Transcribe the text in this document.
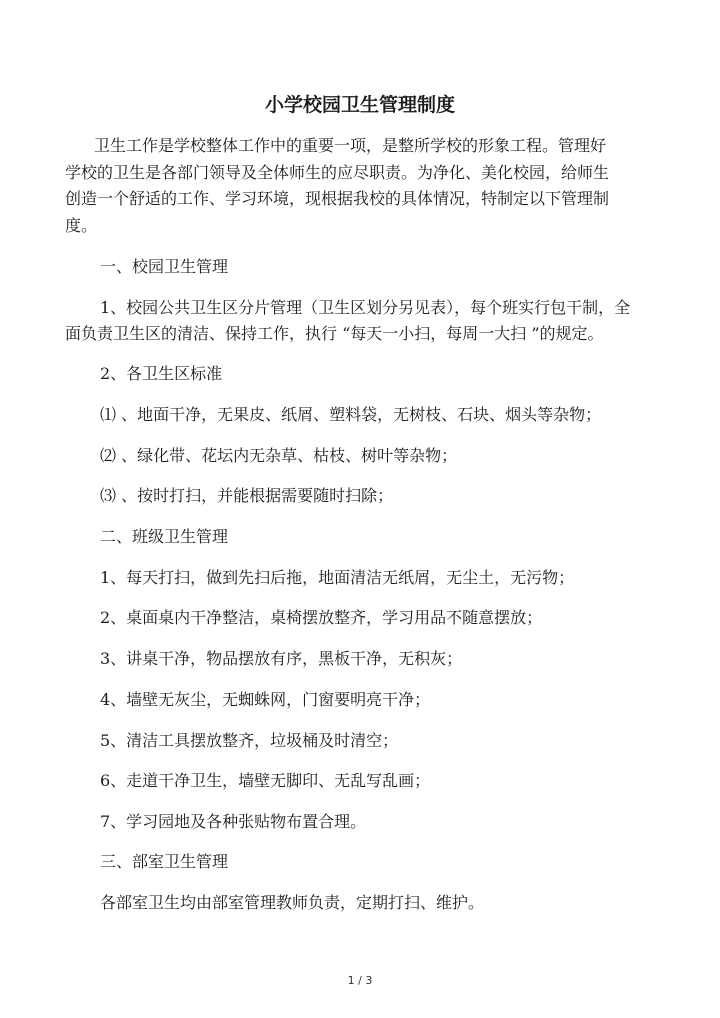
小学校园卫生管理制度

卫生工作是学校整体工作中的重要一项，是整所学校的形象工程。管理好

学校的卫生是各部门领导及全体师生的应尽职责。为净化、美化校园，给师生

创造一个舒适的工作、学习环境，现根据我校的具体情况，特制定以下管理制

度。

一、校园卫生管理

1、校园公共卫生区分片管理（卫生区划分另见表），每个班实行包干制，全

面负责卫生区的清洁、保持工作，执行 “每天一小扫，每周一大扫 ”的规定。

2、各卫生区标准

⑴ 、地面干净，无果皮、纸屑、塑料袋，无树枝、石块、烟头等杂物；

⑵ 、绿化带、花坛内无杂草、枯枝、树叶等杂物；

⑶ 、按时打扫，并能根据需要随时扫除；

二、班级卫生管理

1、每天打扫，做到先扫后拖，地面清洁无纸屑，无尘土，无污物；

2、桌面桌内干净整洁，桌椅摆放整齐，学习用品不随意摆放；

3、讲桌干净，物品摆放有序，黑板干净，无积灰；

4、墙壁无灰尘，无蜘蛛网，门窗要明亮干净；

5、清洁工具摆放整齐，垃圾桶及时清空；

6、走道干净卫生，墙壁无脚印、无乱写乱画；

7、学习园地及各种张贴物布置合理。

三、部室卫生管理

各部室卫生均由部室管理教师负责，定期打扫、维护。

1 / 3
